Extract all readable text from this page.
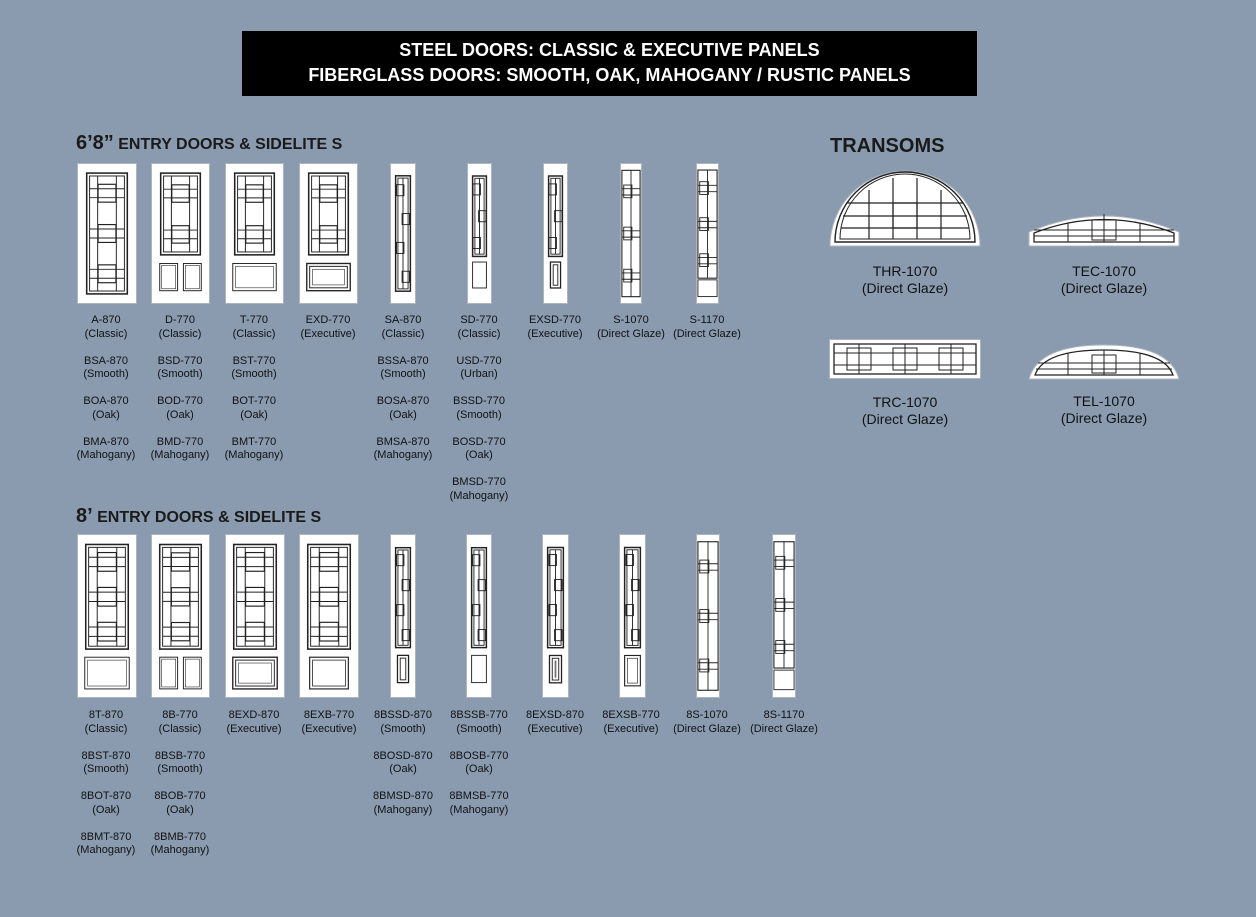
STEEL DOORS: CLASSIC & EXECUTIVE PANELS
FIBERGLASS DOORS: SMOOTH, OAK, MAHOGANY / RUSTIC PANELS
6’8” ENTRY DOORS & SIDELITE S
8’ ENTRY DOORS & SIDELITE S
TRANSOMS
A-870
(Classic)
BSA-870
(Smooth)
BOA-870
(Oak)
BMA-870
(Mahogany)
D-770
(Classic)
BSD-770
(Smooth)
BOD-770
(Oak)
BMD-770
(Mahogany)
T-770
(Classic)
BST-770
(Smooth)
BOT-770
(Oak)
BMT-770
(Mahogany)
EXD-770
(Executive)
SA-870
(Classic)
BSSA-870
(Smooth)
BOSA-870
(Oak)
BMSA-870
(Mahogany)
SD-770
(Classic)
USD-770
(Urban)
BSSD-770
(Smooth)
BOSD-770
(Oak)
BMSD-770
(Mahogany)
EXSD-770
(Executive)
S-1070
(Direct Glaze)
S-1170
(Direct Glaze)
8T-870
(Classic)
8BST-870
(Smooth)
8BOT-870
(Oak)
8BMT-870
(Mahogany)
8B-770
(Classic)
8BSB-770
(Smooth)
8BOB-770
(Oak)
8BMB-770
(Mahogany)
8EXD-870
(Executive)
8EXB-770
(Executive)
8BSSD-870
(Smooth)
8BOSD-870
(Oak)
8BMSD-870
(Mahogany)
8BSSB-770
(Smooth)
8BOSB-770
(Oak)
8BMSB-770
(Mahogany)
8EXSD-870
(Executive)
8EXSB-770
(Executive)
8S-1070
(Direct Glaze)
8S-1170
(Direct Glaze)
THR-1070
(Direct Glaze)
TEC-1070
(Direct Glaze)
TRC-1070
(Direct Glaze)
TEL-1070
(Direct Glaze)
